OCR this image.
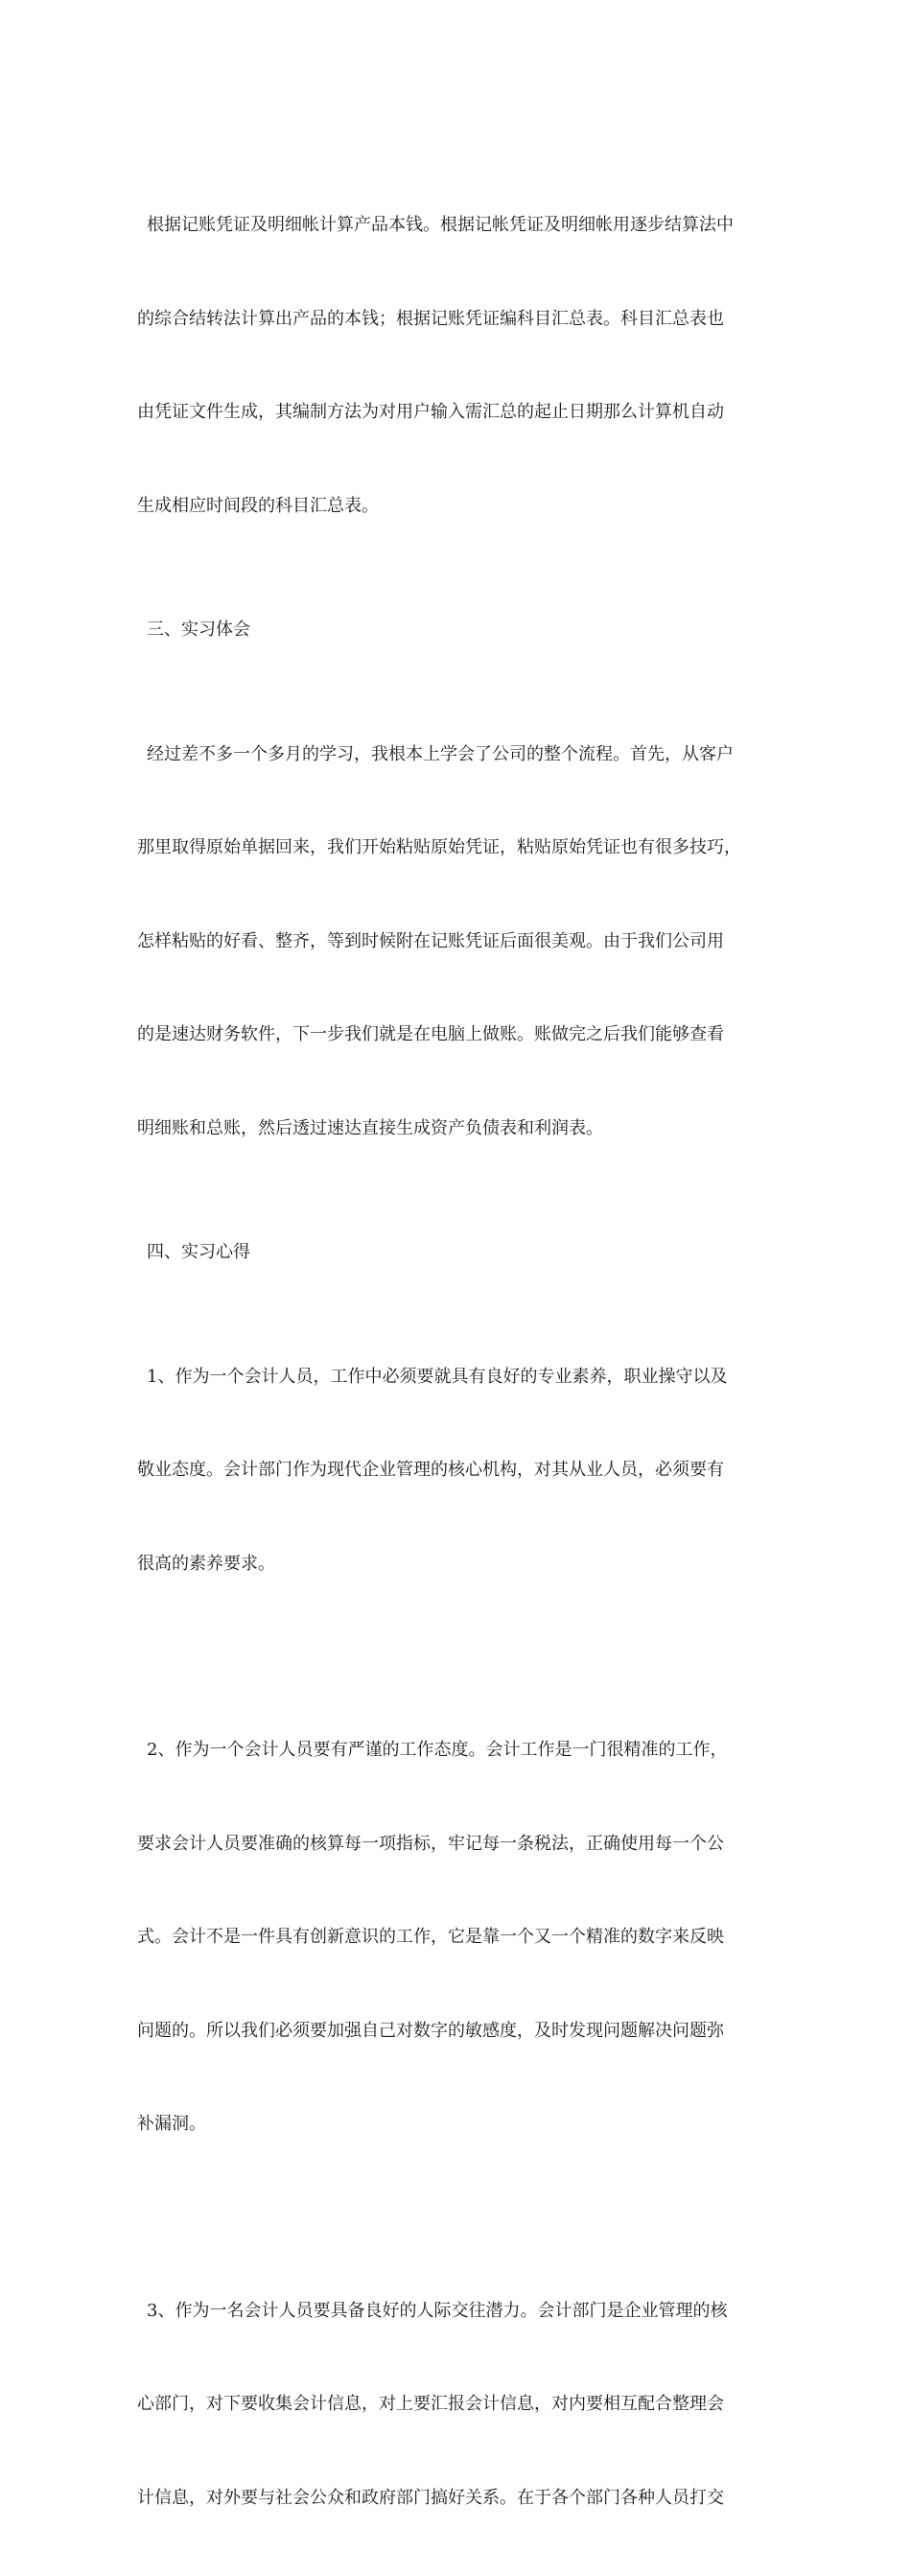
根据记账凭证及明细帐计算产品本钱。根据记帐凭证及明细帐用逐步结算法中

的综合结转法计算出产品的本钱；根据记账凭证编科目汇总表。科目汇总表也

由凭证文件生成，其编制方法为对用户输入需汇总的起止日期那么计算机自动

生成相应时间段的科目汇总表。

三、实习体会

经过差不多一个多月的学习，我根本上学会了公司的整个流程。首先，从客户

那里取得原始单据回来，我们开始粘贴原始凭证，粘贴原始凭证也有很多技巧，

怎样粘贴的好看、整齐，等到时候附在记账凭证后面很美观。由于我们公司用

的是速达财务软件，下一步我们就是在电脑上做账。账做完之后我们能够查看

明细账和总账，然后透过速达直接生成资产负债表和利润表。

四、实习心得

1、作为一个会计人员，工作中必须要就具有良好的专业素养，职业操守以及

敬业态度。会计部门作为现代企业管理的核心机构，对其从业人员，必须要有

很高的素养要求。

2、作为一个会计人员要有严谨的工作态度。会计工作是一门很精准的工作，

要求会计人员要准确的核算每一项指标，牢记每一条税法，正确使用每一个公

式。会计不是一件具有创新意识的工作，它是靠一个又一个精准的数字来反映

问题的。所以我们必须要加强自己对数字的敏感度，及时发现问题解决问题弥

补漏洞。

3、作为一名会计人员要具备良好的人际交往潜力。会计部门是企业管理的核

心部门，对下要收集会计信息，对上要汇报会计信息，对内要相互配合整理会

计信息，对外要与社会公众和政府部门搞好关系。在于各个部门各种人员打交
